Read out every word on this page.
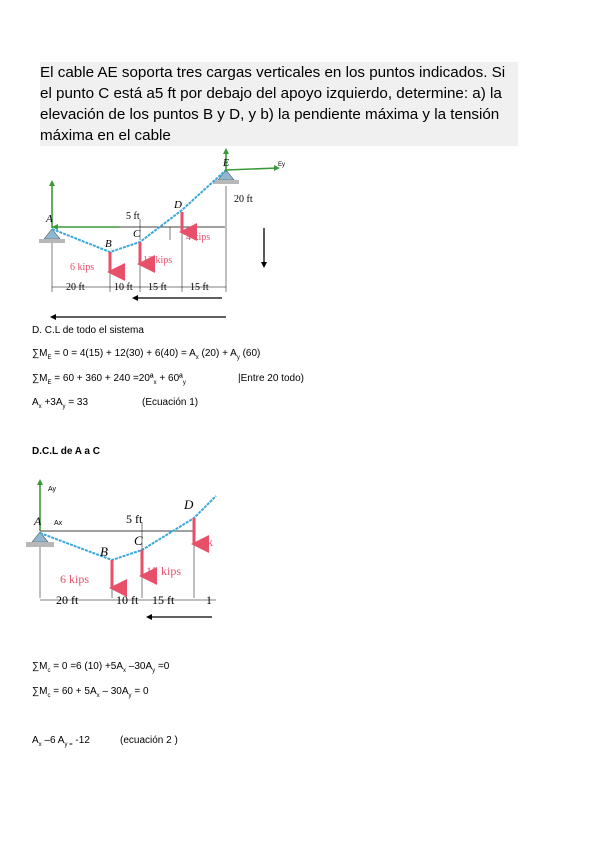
El cable AE soporta tres cargas verticales en los puntos indicados. Si
el punto C está a5 ft por debajo del apoyo izquierdo, determine: a) la
elevación de los puntos B y D, y b) la pendiente máxima y la tensión
máxima en el cable
A
B
C
D
E	Ey
20 ft
5 ft
6 kips
12 kips
4 kips
20 ft	10 ft 15 ft 15 ft
D. C.L de todo el sistema
$\sum M_E = 0 = 4(15) + 12(30) + 6(40) = A_x$ $(20) + A_y$ (60)
$\sum M_E = 60 + 360 + 240$ =20ª$_x$ + 60ª$_y$	|Entre 20 todo)
$A_x +3A_y = 33$	(Ecuación 1)
D.C.L de A a C
Ay
Ax
A
B
C
D
5 ft
6 kips
12 kips
4 k
20 ft	10 ft 15 ft	1
$\sum M_c = 0 =6$ $(10) +5A_x$ $-30A_y =0$
$\sum M_c = 60 + 5A_x - 30A_y = 0$
$A_x$ –6 $A_{y =}$ -12	(ecuación 2 )
